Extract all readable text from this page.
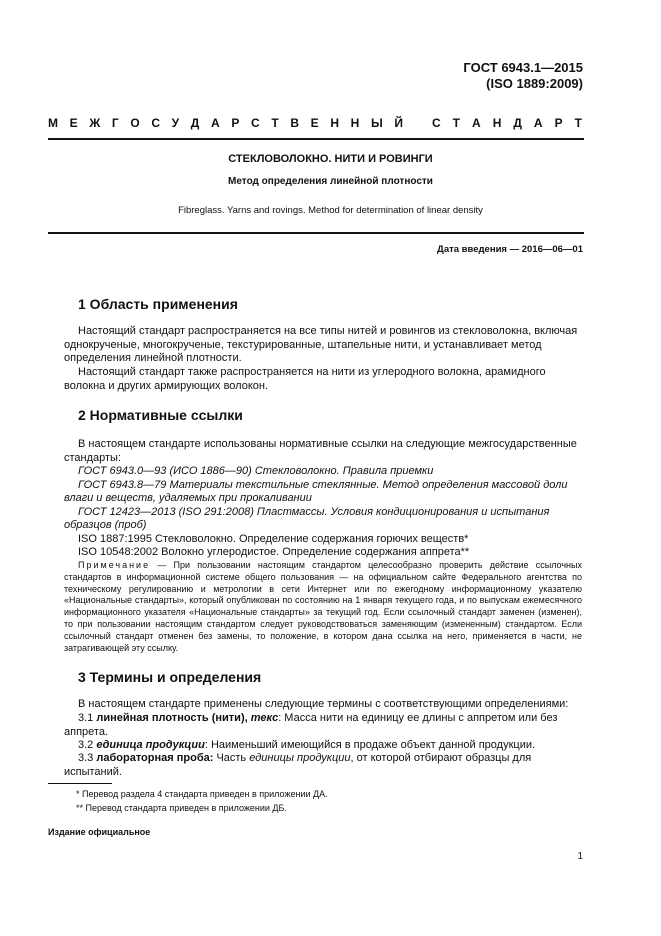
ГОСТ 6943.1—2015
(ISO 1889:2009)
М Е Ж Г О С У Д А Р С Т В Е Н Н Ы Й С Т А Н Д А Р Т
СТЕКЛОВОЛОКНО. НИТИ И РОВИНГИ
Метод определения линейной плотности
Fibreglass. Yarns and rovings. Method for determination of linear density
Дата введения — 2016—06—01
1 Область применения
Настоящий стандарт распространяется на все типы нитей и ровингов из стекловолокна, включая однокрученые, многокрученые, текстурированные, штапельные нити, и устанавливает метод определения линейной плотности.
Настоящий стандарт также распространяется на нити из углеродного волокна, арамидного волокна и других армирующих волокон.
2 Нормативные ссылки
В настоящем стандарте использованы нормативные ссылки на следующие межгосударственные стандарты:
ГОСТ 6943.0—93 (ИСО 1886—90) Стекловолокно. Правила приемки
ГОСТ 6943.8—79 Материалы текстильные стеклянные. Метод определения массовой доли влаги и веществ, удаляемых при прокаливании
ГОСТ 12423—2013 (ISO 291:2008) Пластмассы. Условия кондиционирования и испытания образцов (проб)
ISO 1887:1995 Стекловолокно. Определение содержания горючих веществ*
ISO 10548:2002 Волокно углеродистое. Определение содержания аппрета**
Примечание — При пользовании настоящим стандартом целесообразно проверить действие ссылочных стандартов в информационной системе общего пользования — на официальном сайте Федерального агентства по техническому регулированию и метрологии в сети Интернет или по ежегодному информационному указателю «Национальные стандарты», который опубликован по состоянию на 1 января текущего года, и по выпускам ежемесячного информационного указателя «Национальные стандарты» за текущий год. Если ссылочный стандарт заменен (изменен), то при пользовании настоящим стандартом следует руководствоваться заменяющим (измененным) стандартом. Если ссылочный стандарт отменен без замены, то положение, в котором дана ссылка на него, применяется в части, не затрагивающей эту ссылку.
3 Термины и определения
В настоящем стандарте применены следующие термины с соответствующими определениями:
3.1 линейная плотность (нити), текс: Масса нити на единицу ее длины с аппретом или без аппрета.
3.2 единица продукции: Наименьший имеющийся в продаже объект данной продукции.
3.3 лабораторная проба: Часть единицы продукции, от которой отбирают образцы для испытаний.
* Перевод раздела 4 стандарта приведен в приложении ДА.
** Перевод стандарта приведен в приложении ДБ.
Издание официальное
1
